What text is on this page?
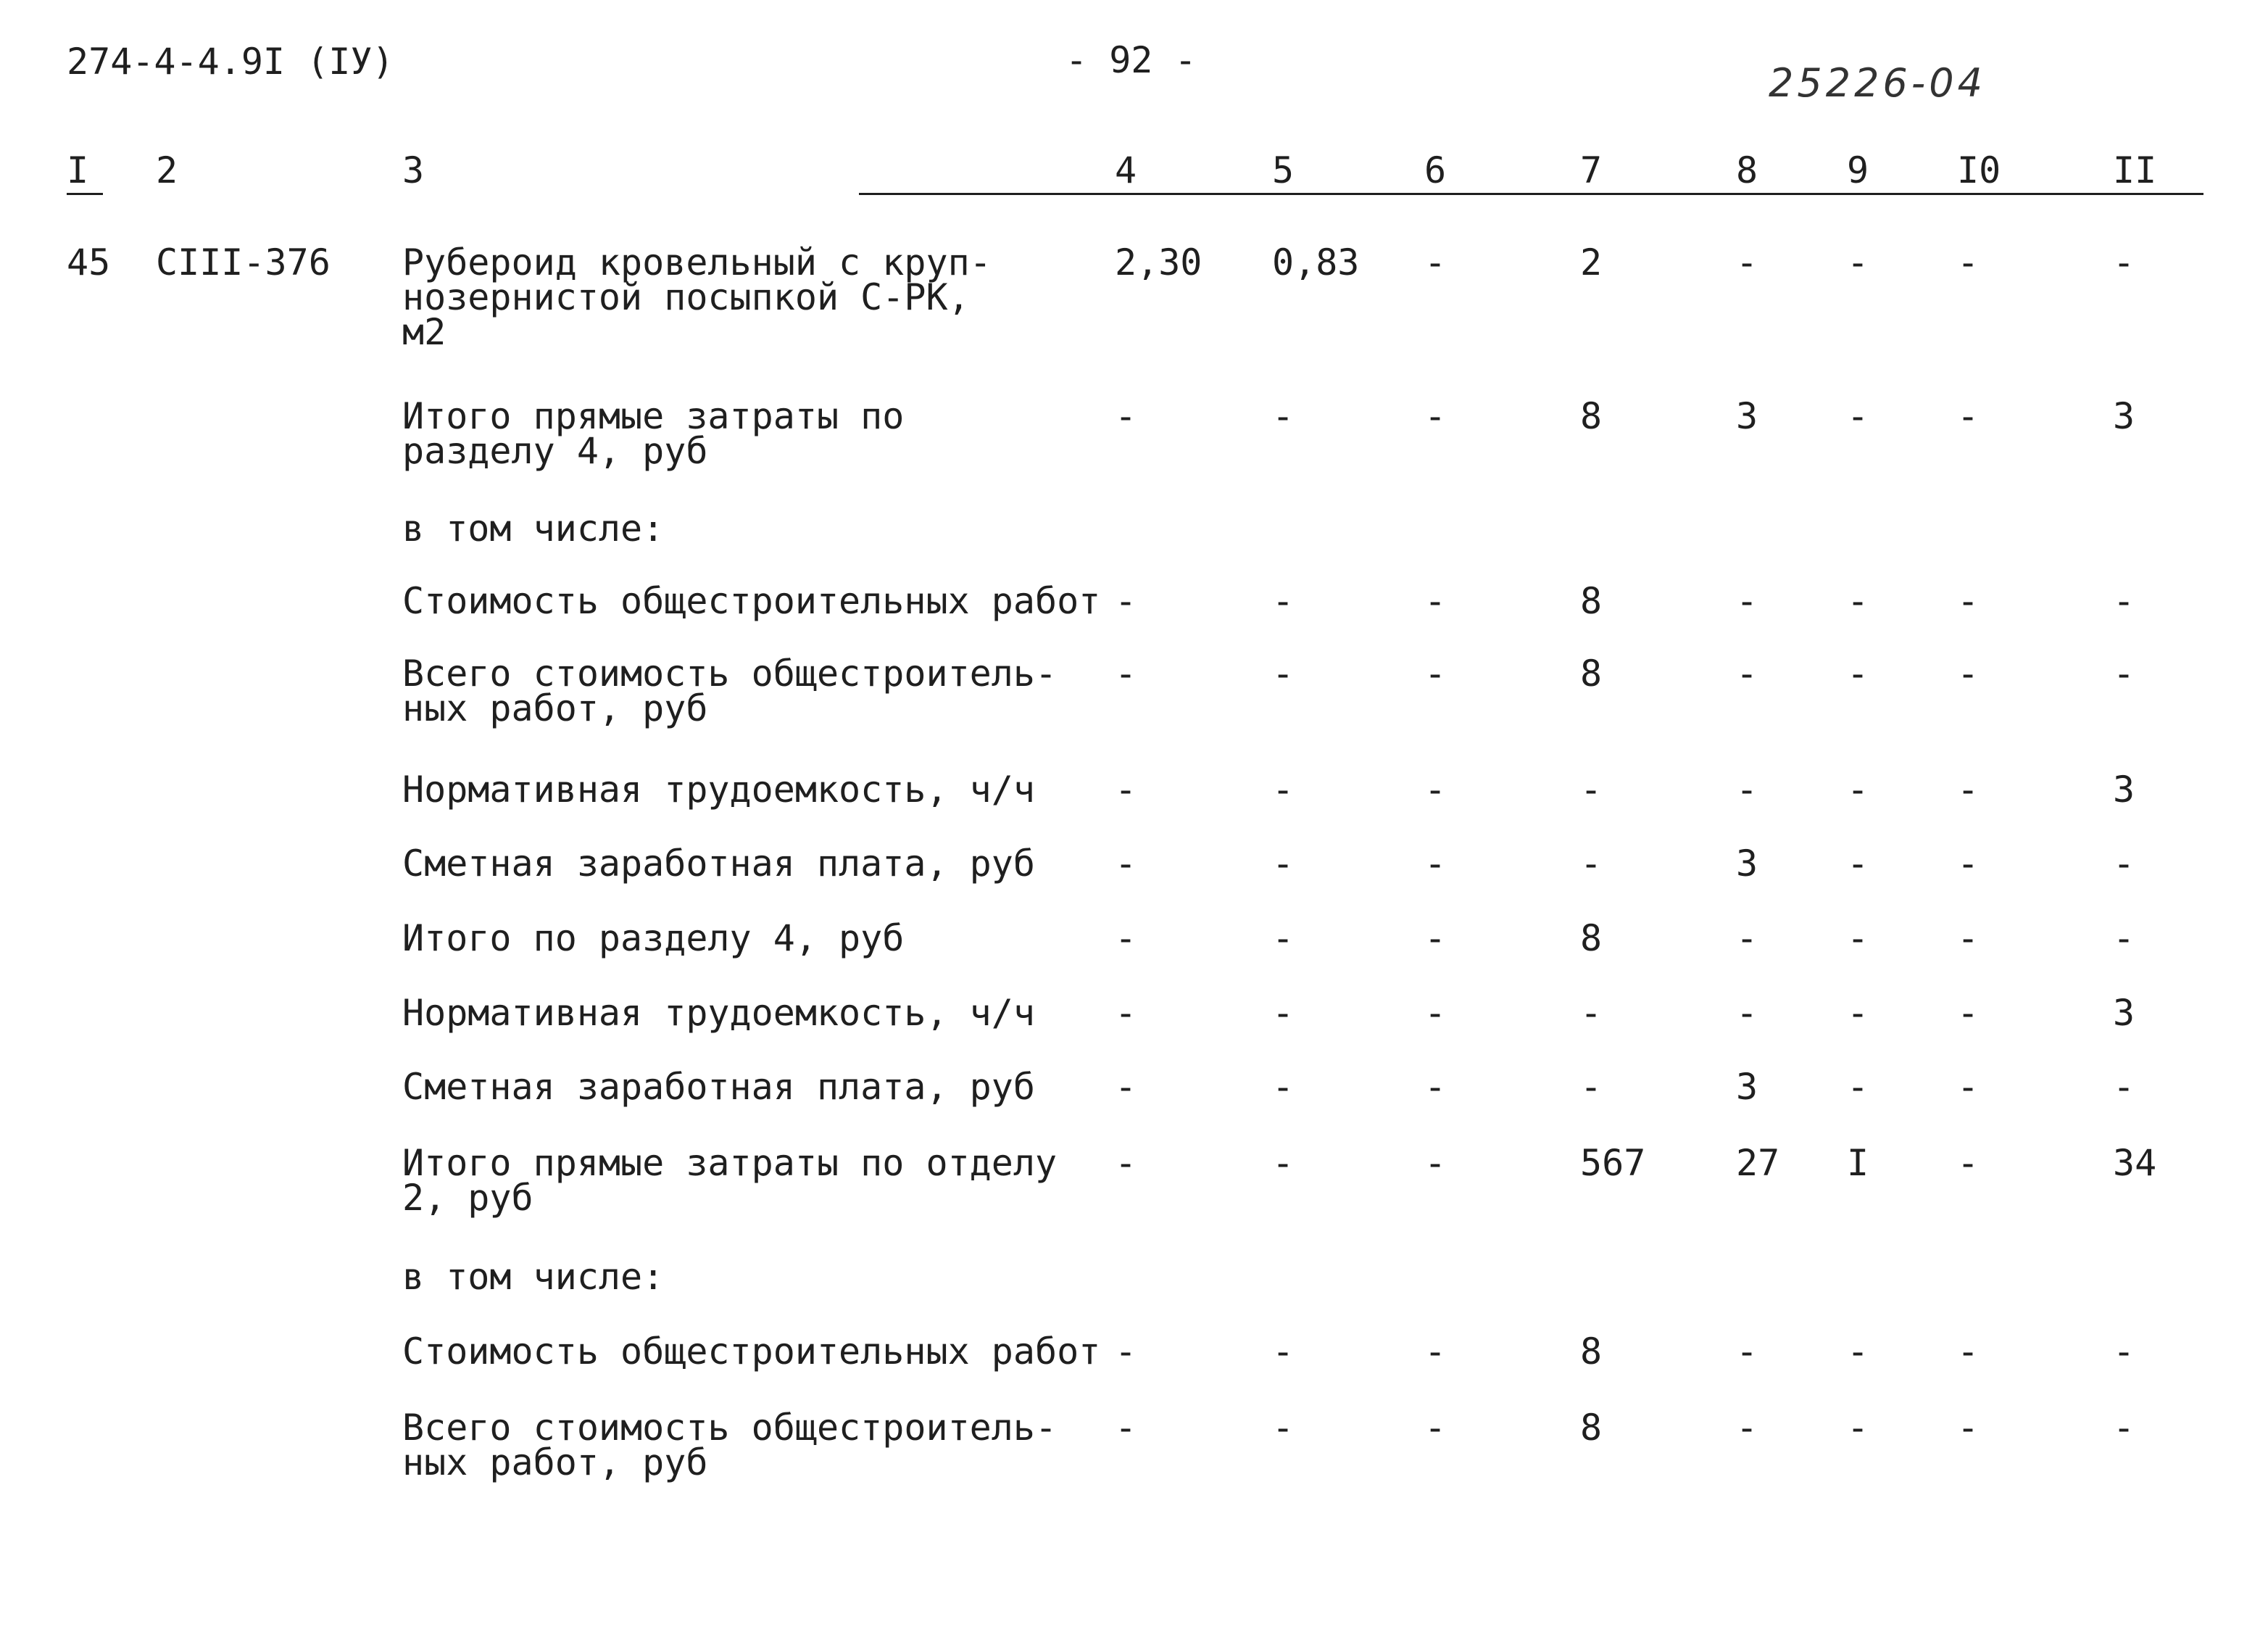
274-4-4.9I (IУ)	- 92 -	25226-04
I 2	3	4	5	6	7	8 9 I0	II
45 CIII-376 Рубероид кровельный с круп-
нозернистой посыпкой С-РК,
м2
2,30 0,83 -	2	- - -	-
Итого прямые затраты по
разделу 4, руб
-	-	-	8	3 - -	3
в том числе:
Стоимость общестроительных работ -	-	-	8	- - -	-
Всего стоимость общестроитель-
ных работ, руб
-	-	-	8	- - -	-
Нормативная трудоемкость, ч/ч	-	-	-	-	- - -	3
Сметная заработная плата, руб	-	-	-	-	3 - -	-
Итого по разделу 4, руб	-	-	-	8	- - -	-
Нормативная трудоемкость, ч/ч	-	-	-	-	- - -	3
Сметная заработная плата, руб	-	-	-	-	3 - -	-
Итого прямые затраты по отделу
2, руб
-	-	-	567 27 I -	34
в том числе:
Стоимость общестроительных работ -	-	-	8	- - -	-
Всего стоимость общестроитель-
ных работ, руб
-	-	-	8	- - -	-
